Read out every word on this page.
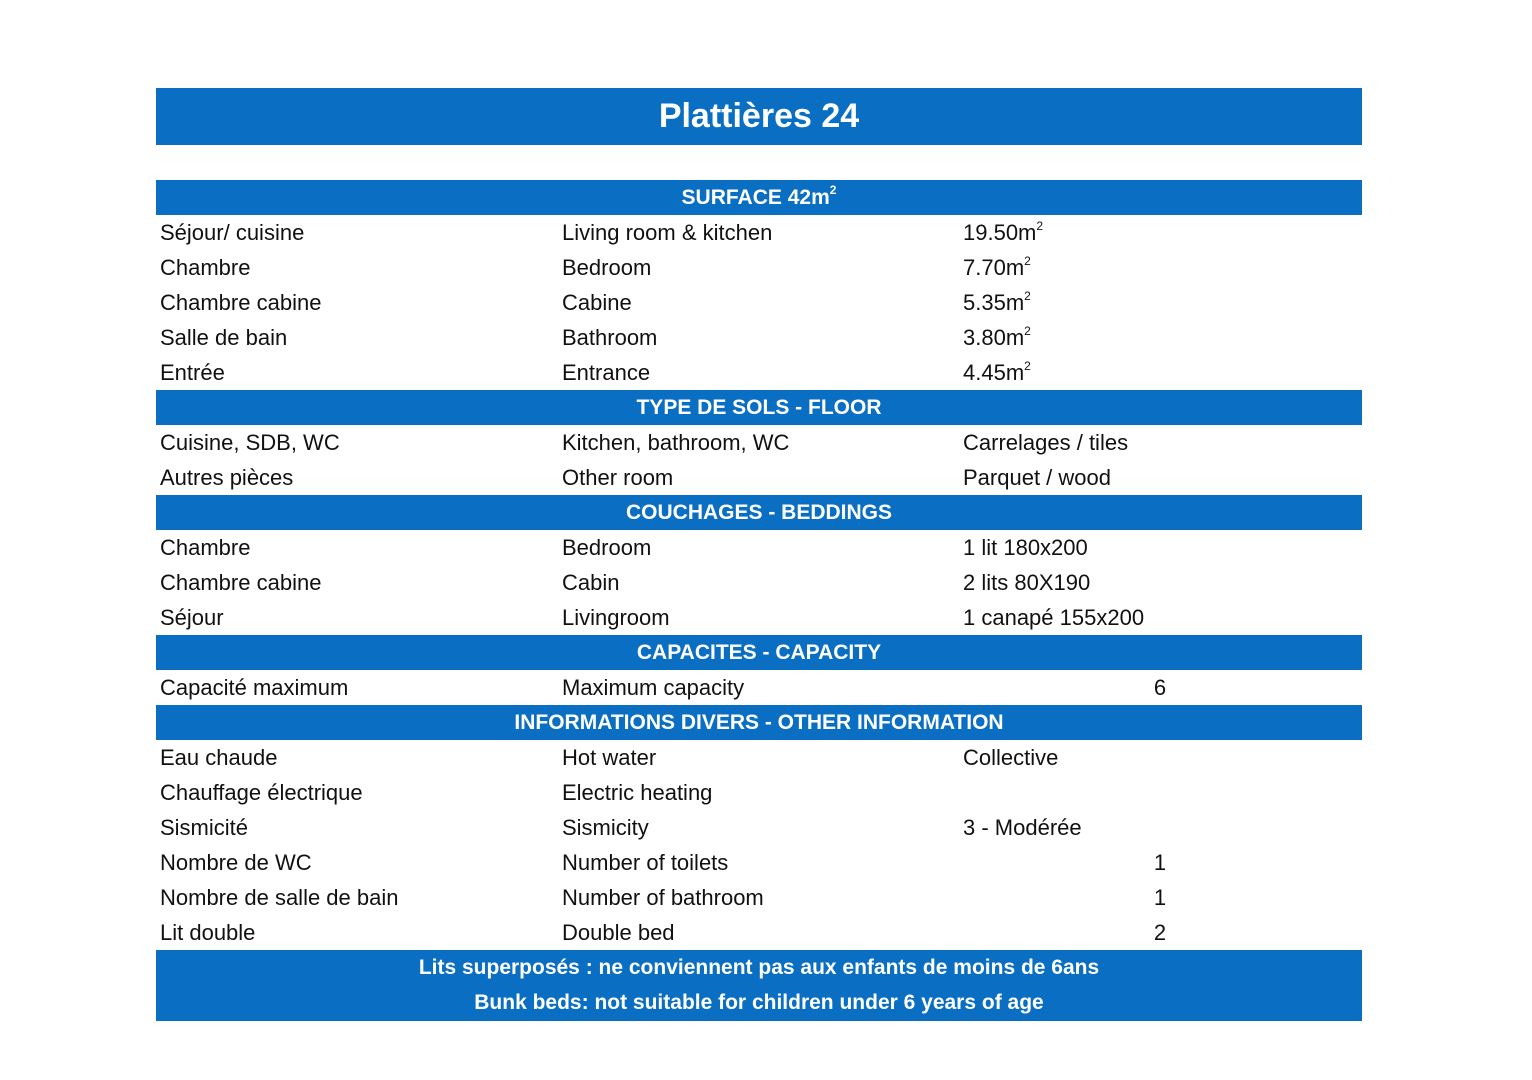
Plattières 24
SURFACE $42m^2$
Séjour/ cuisine	Living room & kitchen	$19.50m^2$
Chambre	Bedroom	$7.70m^2$
Chambre cabine	Cabine	$5.35m^2$
Salle de bain	Bathroom	$3.80m^2$
Entrée	Entrance	$4.45m^2$
TYPE DE SOLS - FLOOR
Cuisine, SDB, WC	Kitchen, bathroom, WC	Carrelages / tiles
Autres pièces	Other room	Parquet / wood
COUCHAGES - BEDDINGS
Chambre	Bedroom	1 lit 180x200
Chambre cabine	Cabin	2 lits 80X190
Séjour	Livingroom	1 canapé 155x200
CAPACITES - CAPACITY
Capacité maximum	Maximum capacity	6
INFORMATIONS DIVERS - OTHER INFORMATION
Eau chaude	Hot water	Collective
Chauffage électrique	Electric heating
Sismicité	Sismicity	3 - Modérée
Nombre de WC	Number of toilets	1
Nombre de salle de bain	Number of bathroom	1
Lit double	Double bed	2
Lits superposés : ne conviennent pas aux enfants de moins de 6ans
Bunk beds: not suitable for children under 6 years of age
